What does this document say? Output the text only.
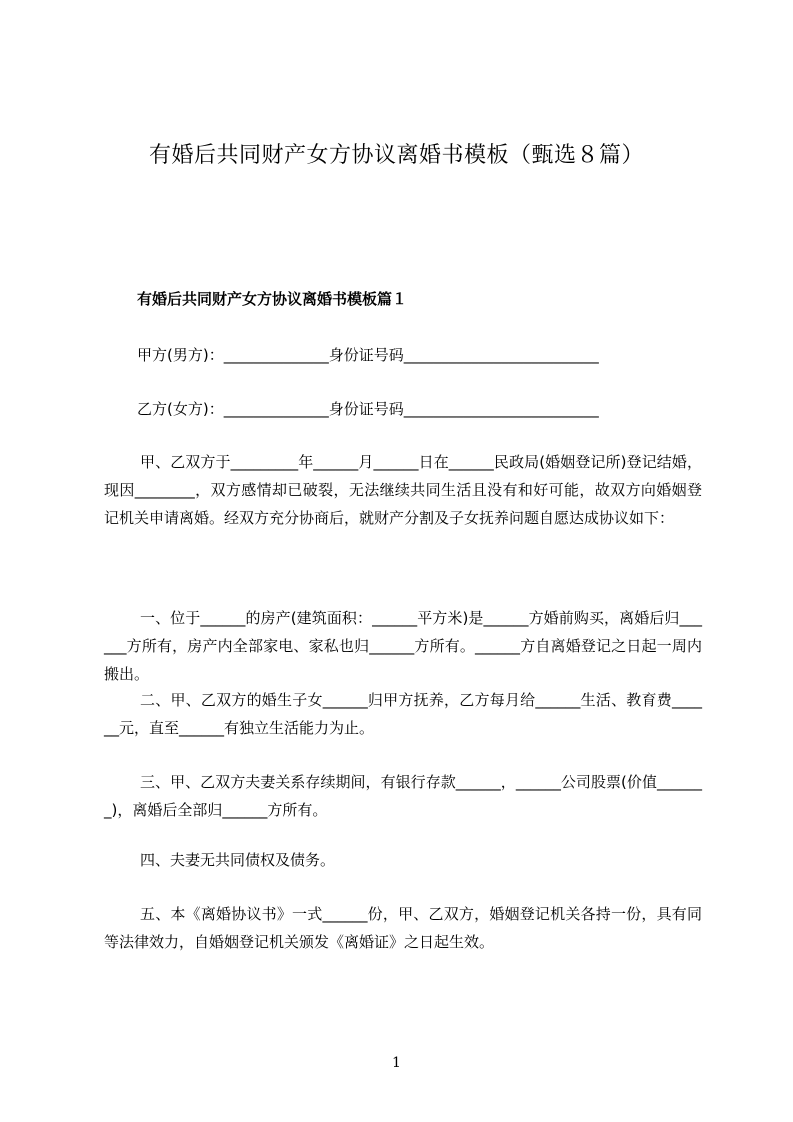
有婚后共同财产女方协议离婚书模板（甄选８篇）
有婚后共同财产女方协议离婚书模板篇１
甲方(男方)：______________身份证号码__________________________
乙方(女方)：______________身份证号码__________________________
甲、乙双方于_________年______月______日在______民政局(婚姻登记所)登记结婚，现因________，双方感情却已破裂，无法继续共同生活且没有和好可能，故双方向婚姻登记机关申请离婚。经双方充分协商后，就财产分割及子女抚养问题自愿达成协议如下：
一、位于______的房产(建筑面积：______平方米)是______方婚前购买，离婚后归______方所有，房产内全部家电、家私也归______方所有。______方自离婚登记之日起一周内搬出。
二、甲、乙双方的婚生子女______归甲方抚养，乙方每月给______生活、教育费______元，直至______有独立生活能力为止。
三、甲、乙双方夫妻关系存续期间，有银行存款______，______公司股票(价值_______)，离婚后全部归______方所有。
四、夫妻无共同债权及债务。
五、本《离婚协议书》一式______份，甲、乙双方，婚姻登记机关各持一份，具有同等法律效力，自婚姻登记机关颁发《离婚证》之日起生效。
1
